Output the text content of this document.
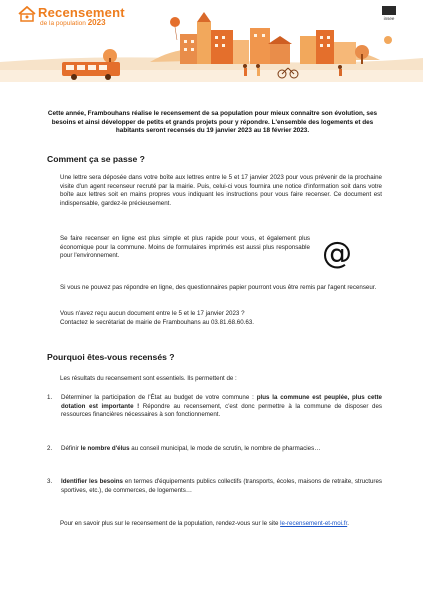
Recensement
de la population 2023	insee
Cette année, Frambouhans réalise le recensement de sa population pour mieux connaître son évolution, ses besoins et ainsi développer de petits et grands projets pour y répondre. L'ensemble des logements et des habitants seront recensés du 19 janvier 2023 au 18 février 2023.
Comment ça se passe ?

Une lettre sera déposée dans votre boîte aux lettres entre le 5 et 17 janvier 2023 pour vous prévenir de la prochaine visite d'un agent recenseur recruté par la mairie. Puis, celui-ci vous fournira une notice d'information soit dans votre boîte aux lettres soit en mains propres vous indiquant les instructions pour vous faire recenser. Ce document est indispensable, gardez-le précieusement.

Se faire recenser en ligne est plus simple et plus rapide pour vous, et également plus économique pour la commune. Moins de formulaires imprimés est aussi plus responsable pour l'environnement.	@

Si vous ne pouvez pas répondre en ligne, des questionnaires papier pourront vous être remis par l'agent recenseur.

Vous n'avez reçu aucun document entre le 5 et le 17 janvier 2023 ?
Contactez le secrétariat de mairie de Frambouhans au 03.81.68.60.63.
Pourquoi êtes-vous recensés ?
Les résultats du recensement sont essentiels. Ils permettent de :
1. Déterminer la participation de l'État au budget de votre commune : plus la commune est peuplée, plus cette dotation est importante ! Répondre au recensement, c'est donc permettre à la commune de disposer des ressources financières nécessaires à son fonctionnement.
2. Définir le nombre d'élus au conseil municipal, le mode de scrutin, le nombre de pharmacies…
3. Identifier les besoins en termes d'équipements publics collectifs (transports, écoles, maisons de retraite, structures sportives, etc.), de commerces, de logements…
Pour en savoir plus sur le recensement de la population, rendez-vous sur le site le-recensement-et-moi.fr.
